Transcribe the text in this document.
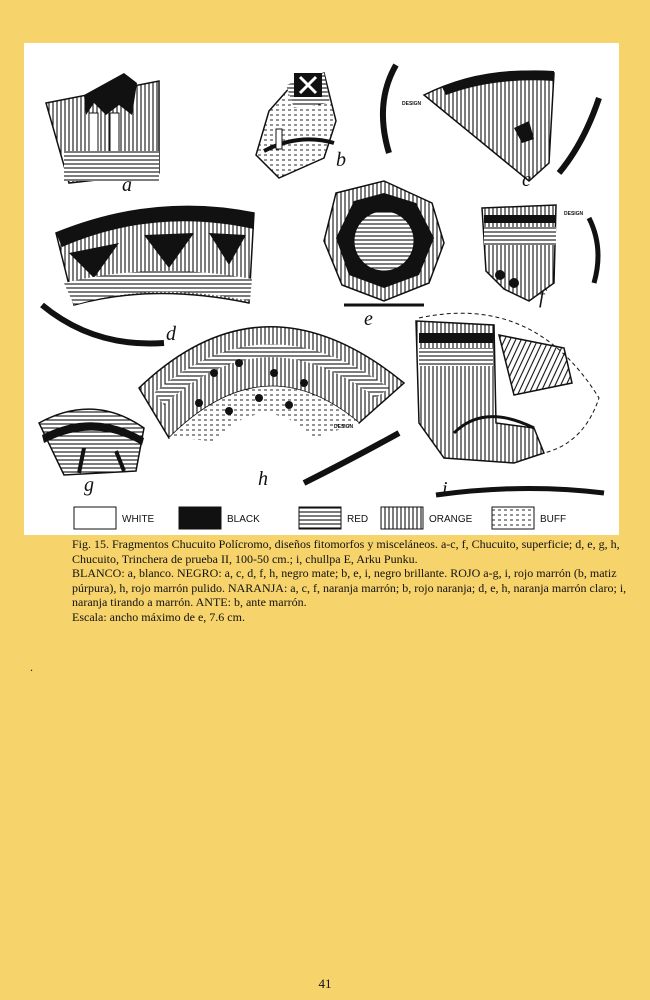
DESIGN
DESIGN
DESIGN
a
b
c
d
e
f
g	h	i
WHITE	BLACK	RED	ORANGE	BUFF

Fig. 15. Fragmentos Chucuito Polícromo, diseños fitomorfos y misceláneos. a-c, f, Chucuito, superficie; d, e, g, h, Chucuito, Trinchera de prueba II, 100-50 cm.; i, chullpa E, Arku Punku.

BLANCO: a, blanco. NEGRO: a, c, d, f, h, negro mate; b, e, i, negro brillante. ROJO a-g, i, rojo marrón (b, matiz púrpura), h, rojo marrón pulido. NARANJA: a, c, f, naranja marrón; b, rojo naranja; d, e, h, naranja marrón claro; i, naranja tirando a marrón. ANTE: b, ante marrón.

Escala: ancho máximo de e, 7.6 cm.

.
41
